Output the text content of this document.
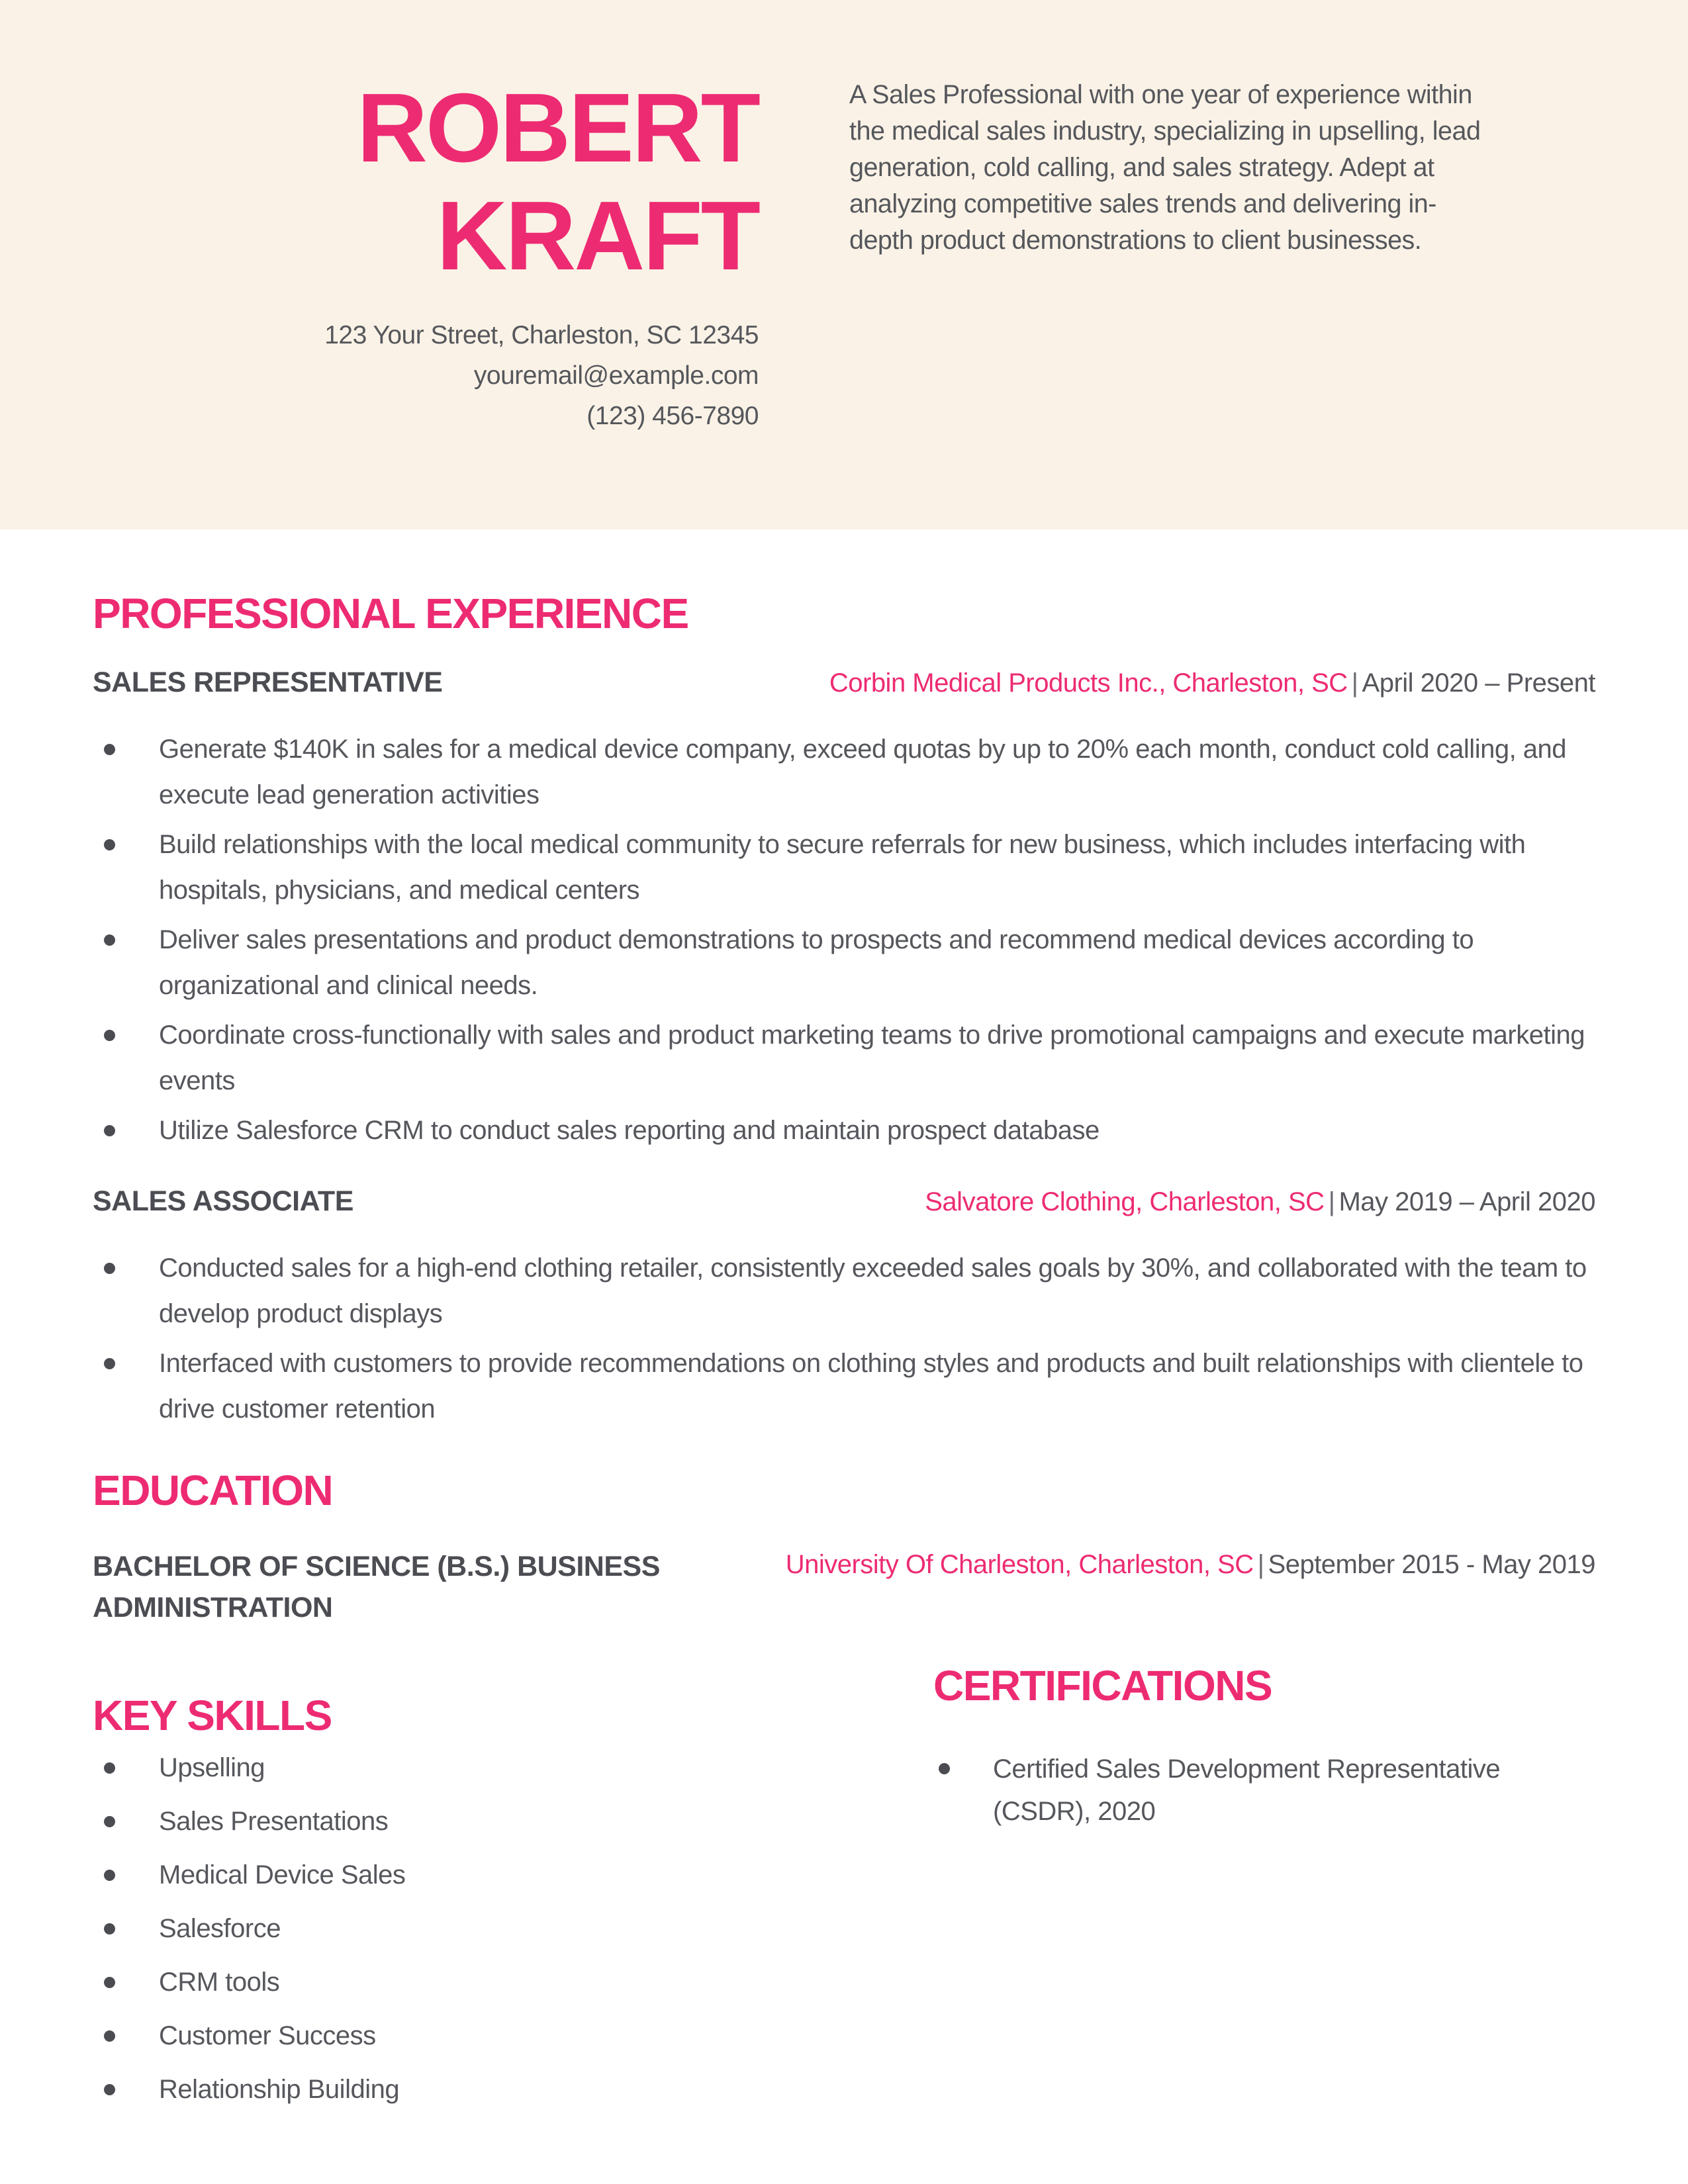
ROBERT
KRAFT
123 Your Street, Charleston, SC 12345
youremail@example.com
(123) 456-7890
A Sales Professional with one year of experience within the medical sales industry, specializing in upselling, lead generation, cold calling, and sales strategy. Adept at analyzing competitive sales trends and delivering in-depth product demonstrations to client businesses.
PROFESSIONAL EXPERIENCE
SALES REPRESENTATIVE	Corbin Medical Products Inc., Charleston, SC | April 2020 – Present
Generate $140K in sales for a medical device company, exceed quotas by up to 20% each month, conduct cold calling, and execute lead generation activities
Build relationships with the local medical community to secure referrals for new business, which includes interfacing with hospitals, physicians, and medical centers
Deliver sales presentations and product demonstrations to prospects and recommend medical devices according to organizational and clinical needs.
Coordinate cross-functionally with sales and product marketing teams to drive promotional campaigns and execute marketing events
Utilize Salesforce CRM to conduct sales reporting and maintain prospect database
SALES ASSOCIATE	Salvatore Clothing, Charleston, SC | May 2019 – April 2020
Conducted sales for a high-end clothing retailer, consistently exceeded sales goals by 30%, and collaborated with the team to develop product displays
Interfaced with customers to provide recommendations on clothing styles and products and built relationships with clientele to drive customer retention
EDUCATION
BACHELOR OF SCIENCE (B.S.) BUSINESS ADMINISTRATION
University Of Charleston, Charleston, SC | September 2015 - May 2019
KEY SKILLS
Upselling
Sales Presentations
Medical Device Sales
Salesforce
CRM tools
Customer Success
Relationship Building
CERTIFICATIONS
Certified Sales Development Representative (CSDR), 2020
